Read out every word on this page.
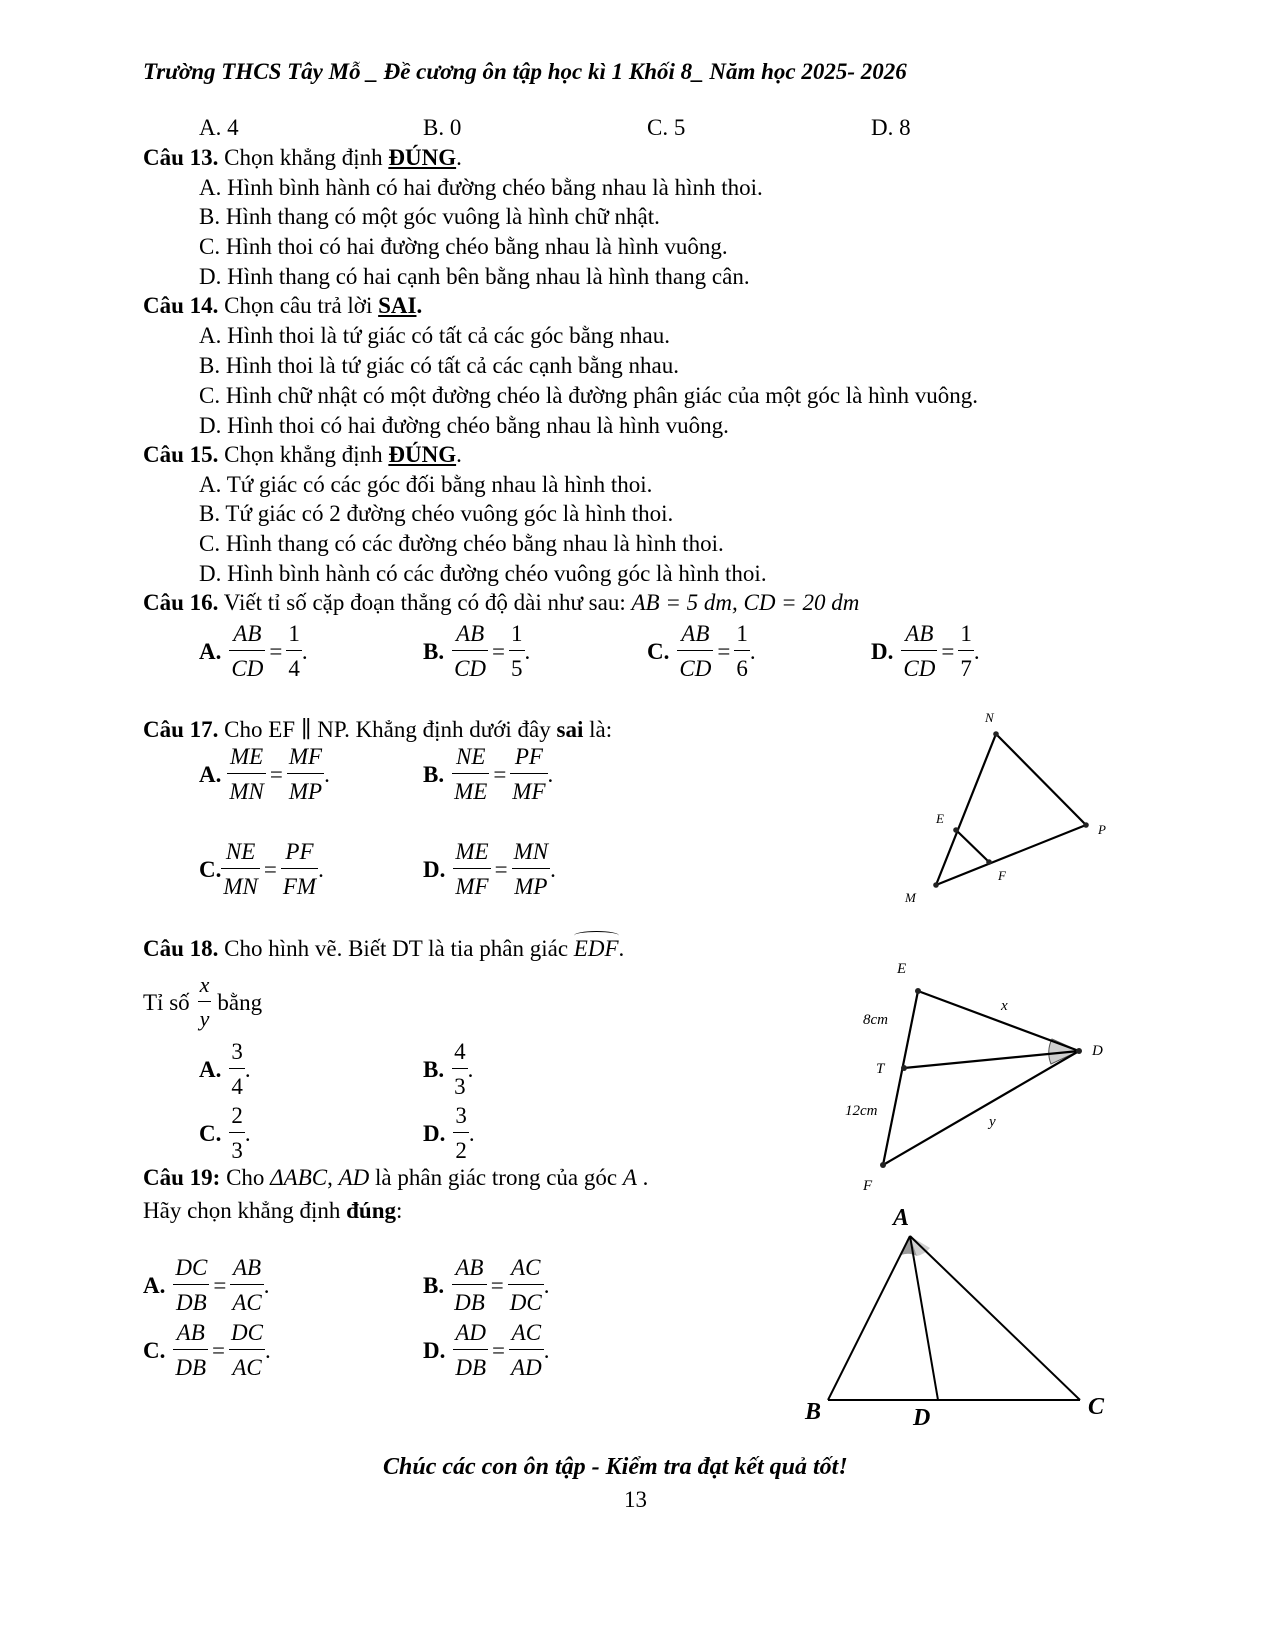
Trường THCS Tây Mỗ _ Đề cương ôn tập học kì 1 Khối 8_ Năm học 2025- 2026
A. 4	B. 0	C. 5	D. 8
Câu 13. Chọn khẳng định ĐÚNG.
A. Hình bình hành có hai đường chéo bằng nhau là hình thoi.
B. Hình thang có một góc vuông là hình chữ nhật.
C. Hình thoi có hai đường chéo bằng nhau là hình vuông.
D. Hình thang có hai cạnh bên bằng nhau là hình thang cân.
Câu 14. Chọn câu trả lời SAI.
A. Hình thoi là tứ giác có tất cả các góc bằng nhau.
B. Hình thoi là tứ giác có tất cả các cạnh bằng nhau.
C. Hình chữ nhật có một đường chéo là đường phân giác của một góc là hình vuông.
D. Hình thoi có hai đường chéo bằng nhau là hình vuông.
Câu 15. Chọn khẳng định ĐÚNG.
A. Tứ giác có các góc đối bằng nhau là hình thoi.
B. Tứ giác có 2 đường chéo vuông góc là hình thoi.
C. Hình thang có các đường chéo bằng nhau là hình thoi.
D. Hình bình hành có các đường chéo vuông góc là hình thoi.
Câu 16. Viết tỉ số cặp đoạn thẳng có độ dài như sau: AB = 5 dm, CD = 20 dm
A. $\frac{AB}{CD} = \frac{1}{4}$ .	B. $\frac{AB}{CD} = \frac{1}{5}$ .	C. $\frac{AB}{CD} = \frac{1}{6}$ .	D. $\frac{AB}{CD} = \frac{1}{7}$ .
Câu 17. Cho EF ∥ NP. Khẳng định dưới đây sai là:
A. $\frac{ME}{MN} = \frac{MF}{MP}$ .	B. $\frac{NE}{ME} = \frac{PF}{MF}$ .
C. $\frac{NE}{MN} = \frac{PF}{FM}$ .	D. $\frac{ME}{MF} = \frac{MN}{MP}$ .
N
P
M
E
F
Câu 18. Cho hình vẽ. Biết DT là tia phân giác
EDF.
Tỉ số $\frac{x}{y}$ bằng
A. $\frac{3}{4}$ .	B. $\frac{4}{3}$ .
C. $\frac{2}{3}$ .	D. $\frac{3}{2}$ .
E
D
T
F
x
y
8cm
12cm
Câu 19: Cho ΔABC, AD là phân giác trong của góc A .
Hãy chọn khẳng định đúng:
A. $\frac{DC}{DB} = \frac{AB}{AC}$ .	B. $\frac{AB}{DB} = \frac{AC}{DC}$ .
C. $\frac{AB}{DB} = \frac{DC}{AC}$ .	D. $\frac{AD}{DB} = \frac{AC}{AD}$ .
A
B	C
D
Chúc các con ôn tập - Kiểm tra đạt kết quả tốt!
13
